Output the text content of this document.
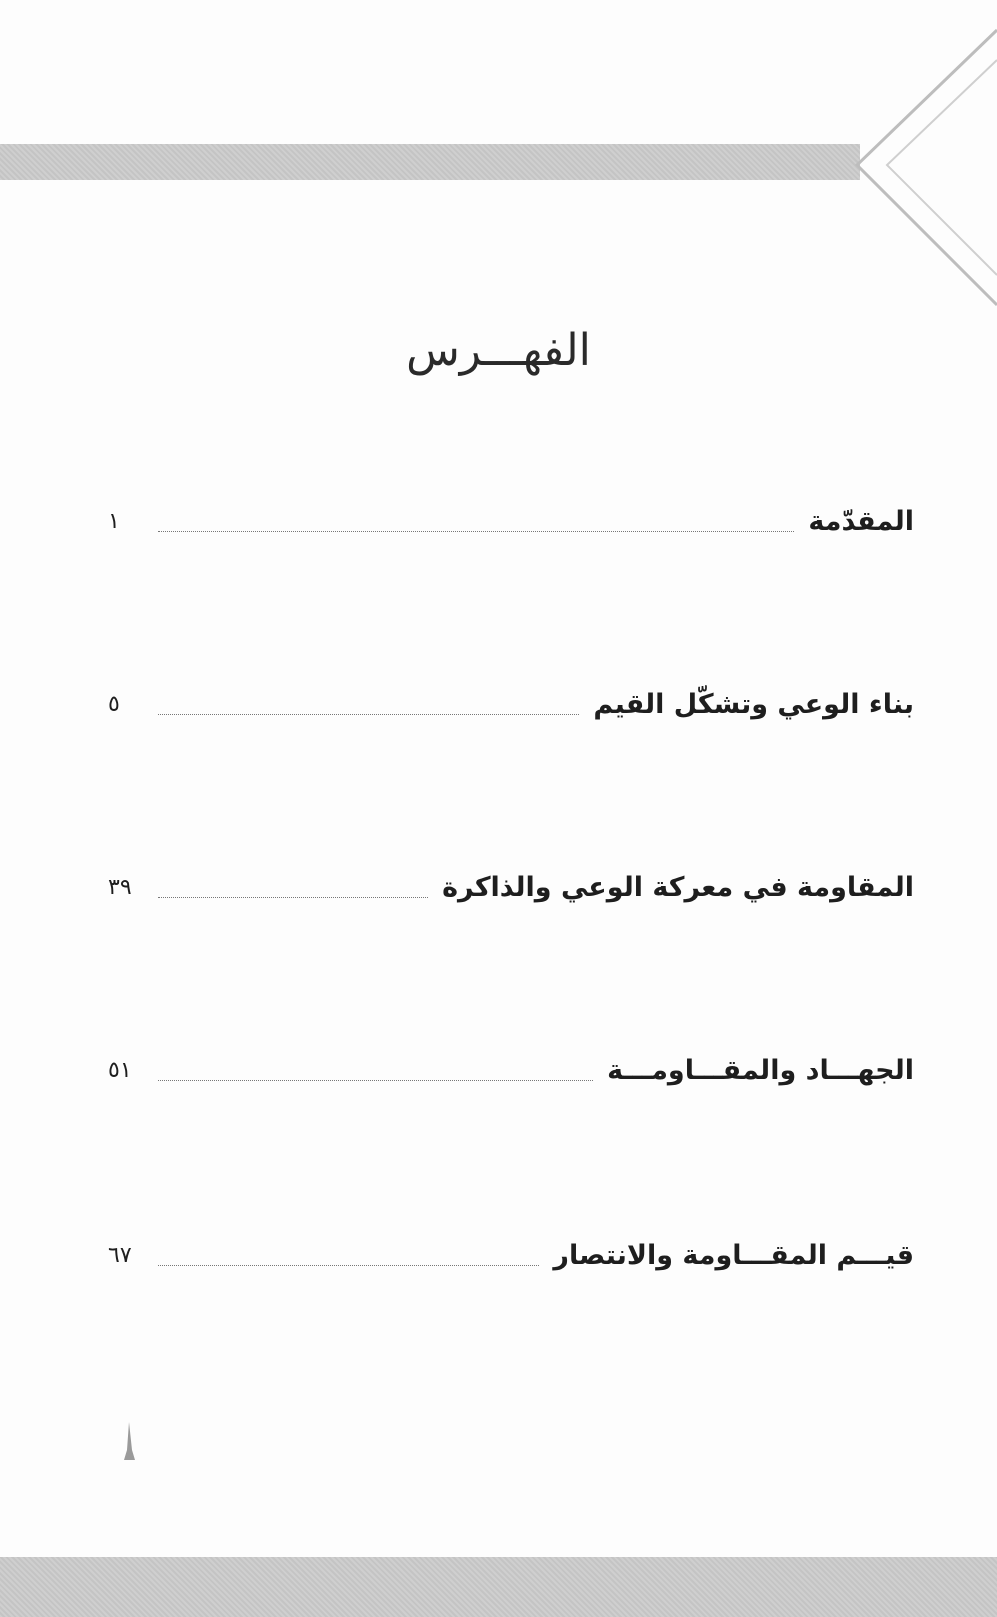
الفهـــرس
المقدّمة
١
بناء الوعي وتشكّل القيم
٥
المقاومة في معركة الوعي والذاكرة
٣٩
الجهـــاد والمقـــاومـــة
٥١
قيـــم المقـــاومة والانتصار
٦٧
